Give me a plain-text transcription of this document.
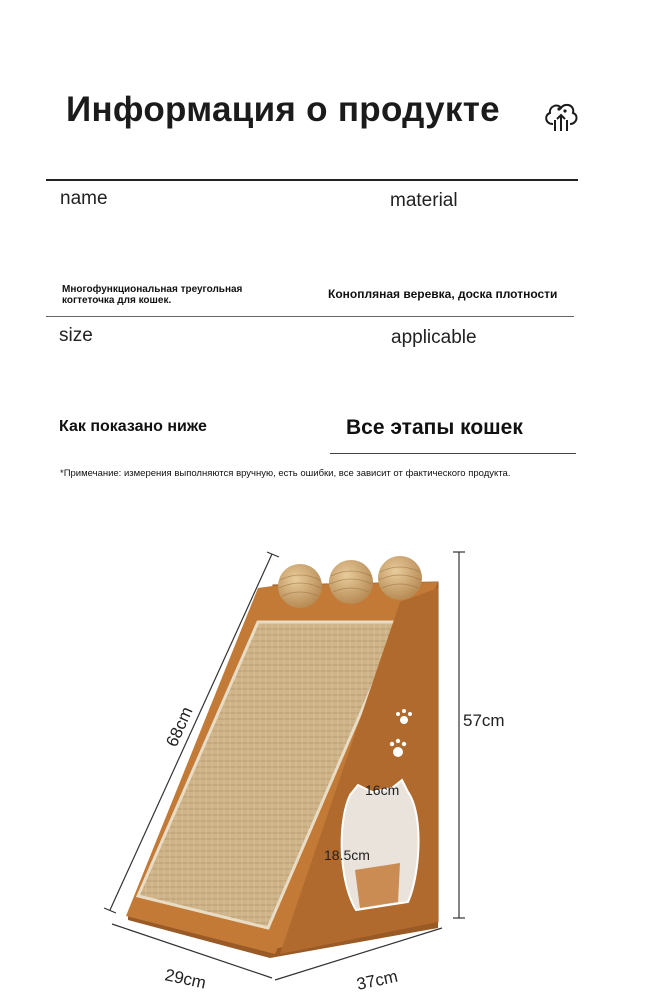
Информация о продукте
name	material
Многофункциональная треугольная когтеточка для кошек.	Конопляная веревка, доска плотности
size	applicable
Как показано ниже	Все этапы кошек
*Примечание: измерения выполняются вручную, есть ошибки, все зависит от фактического продукта.
57cm
68cm
29cm	37cm
16cm
18.5cm
